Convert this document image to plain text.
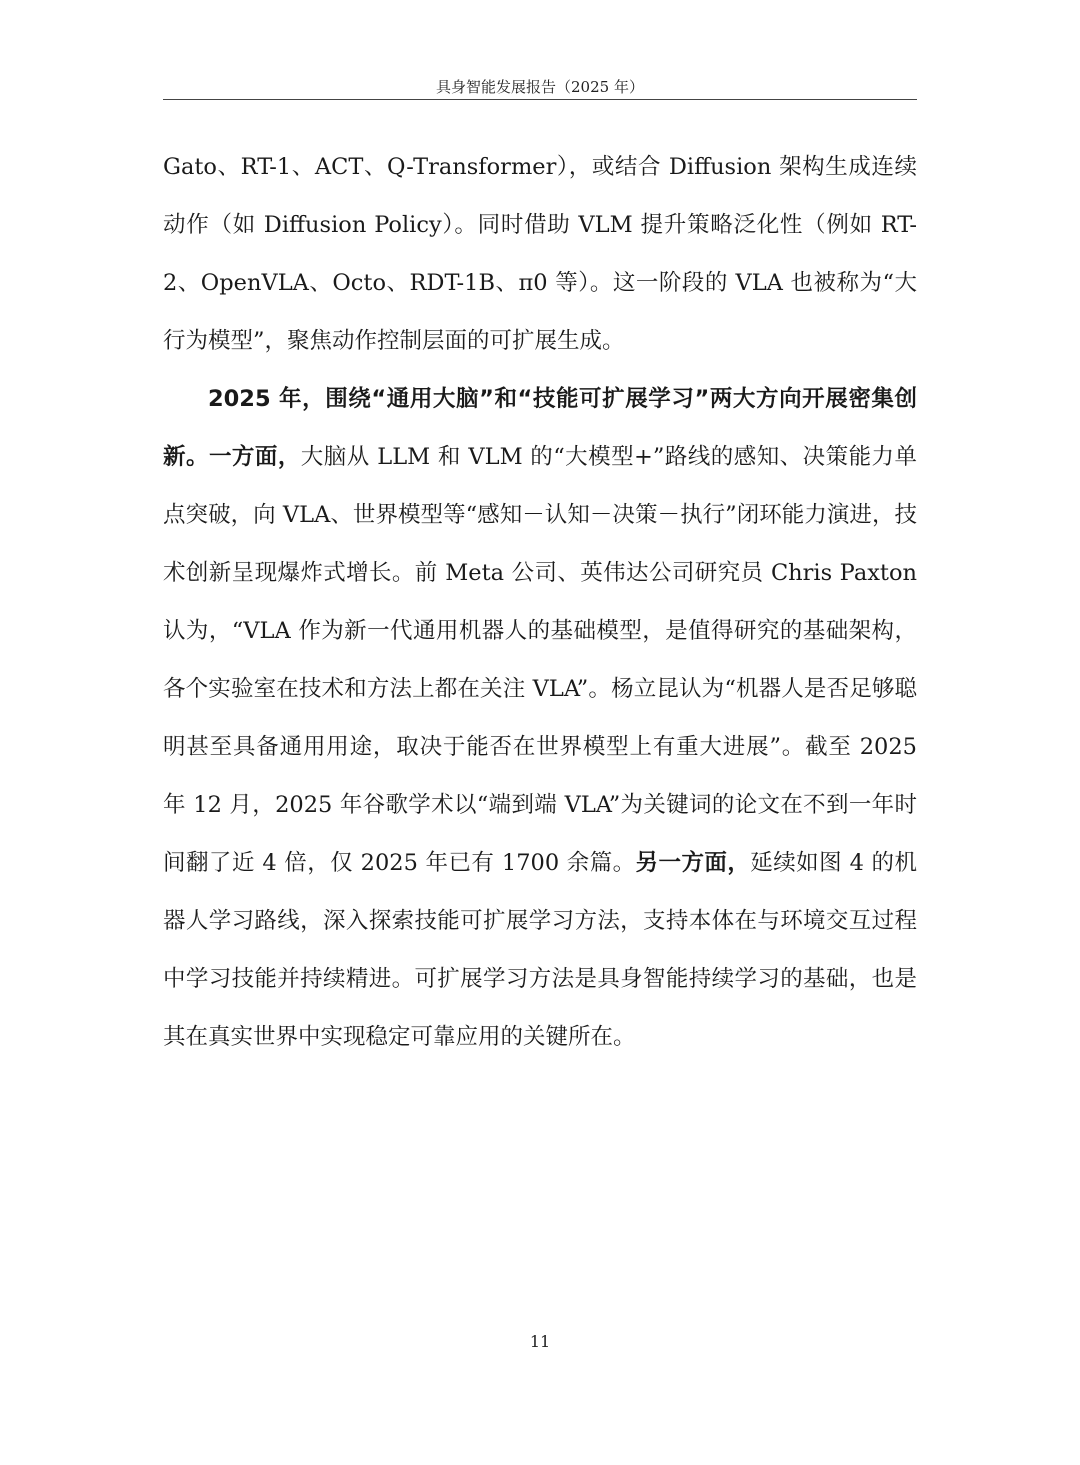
具身智能发展报告（2025 年）

Gato、RT-1、ACT、Q-Transformer），或结合 Diffusion 架构生成连续动作（如 Diffusion Policy）。同时借助 VLM 提升策略泛化性（例如 RT-2、OpenVLA、Octo、RDT-1B、π0 等）。这一阶段的 VLA 也被称为“大行为模型”，聚焦动作控制层面的可扩展生成。

2025 年，围绕“通用大脑”和“技能可扩展学习”两大方向开展密集创新。一方面，大脑从 LLM 和 VLM 的“大模型+”路线的感知、决策能力单点突破，向 VLA、世界模型等“感知－认知－决策－执行”闭环能力演进，技术创新呈现爆炸式增长。前 Meta 公司、英伟达公司研究员 Chris Paxton 认为，“VLA 作为新一代通用机器人的基础模型，是值得研究的基础架构，各个实验室在技术和方法上都在关注 VLA”。杨立昆认为“机器人是否足够聪明甚至具备通用用途，取决于能否在世界模型上有重大进展”。截至 2025 年 12 月，2025 年谷歌学术以“端到端 VLA”为关键词的论文在不到一年时间翻了近 4 倍，仅 2025 年已有 1700 余篇。另一方面，延续如图 4 的机器人学习路线，深入探索技能可扩展学习方法，支持本体在与环境交互过程中学习技能并持续精进。可扩展学习方法是具身智能持续学习的基础，也是其在真实世界中实现稳定可靠应用的关键所在。

11
